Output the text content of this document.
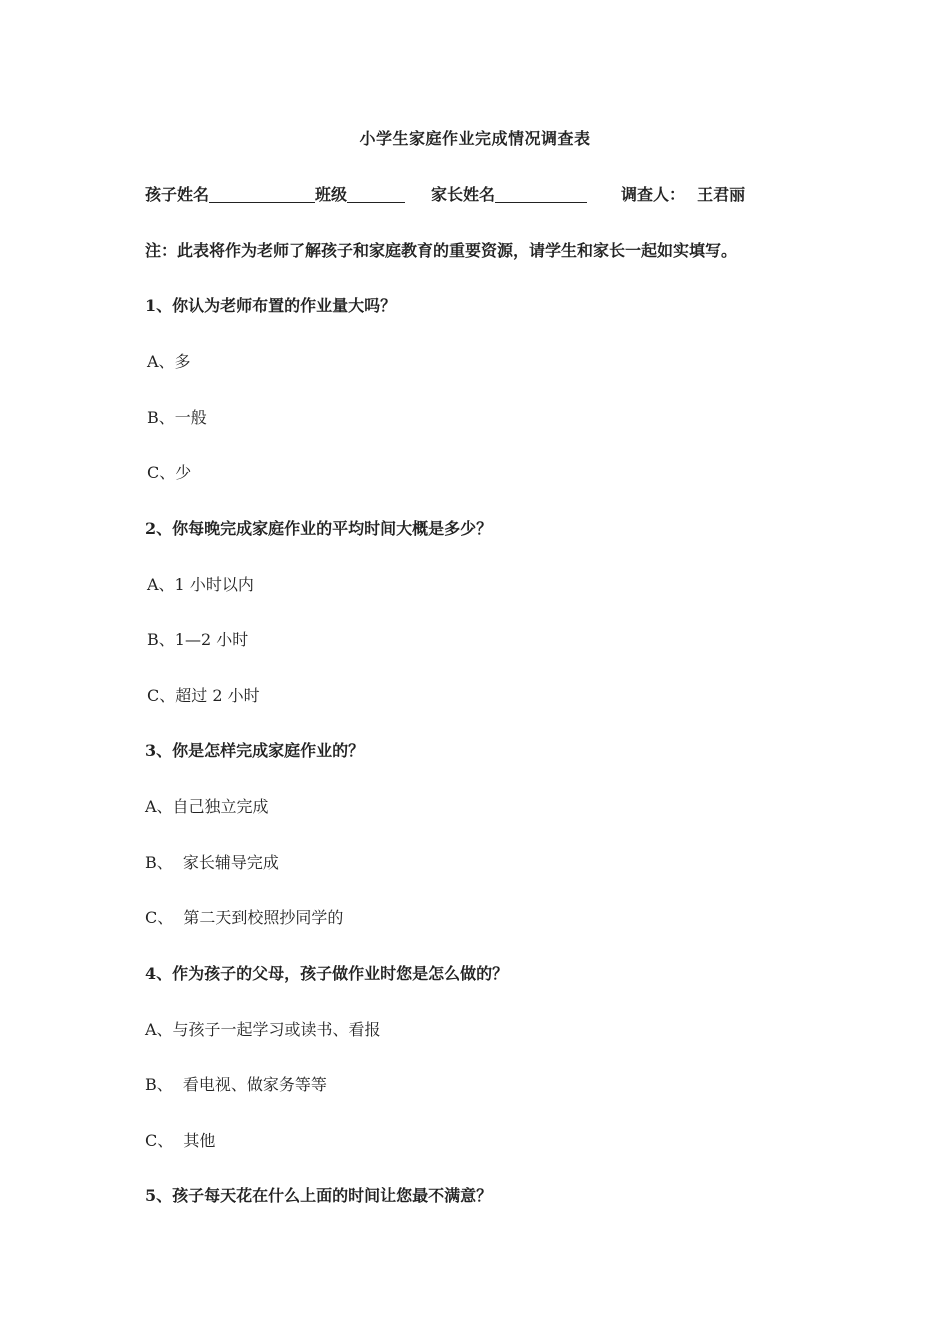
小学生家庭作业完成情况调查表
孩子姓名	班级	家长姓名	调查人： 王君丽
注：此表将作为老师了解孩子和家庭教育的重要资源，请学生和家长一起如实填写。
1、你认为老师布置的作业量大吗？
A、多
B、一般
C、少
2、你每晚完成家庭作业的平均时间大概是多少？
A、1 小时以内
B、1—2 小时
C、超过 2 小时
3、你是怎样完成家庭作业的？
A、自己独立完成
B、  家长辅导完成
C、  第二天到校照抄同学的
4、作为孩子的父母，孩子做作业时您是怎么做的？
A、与孩子一起学习或读书、看报
B、  看电视、做家务等等
C、  其他
5、孩子每天花在什么上面的时间让您最不满意？
